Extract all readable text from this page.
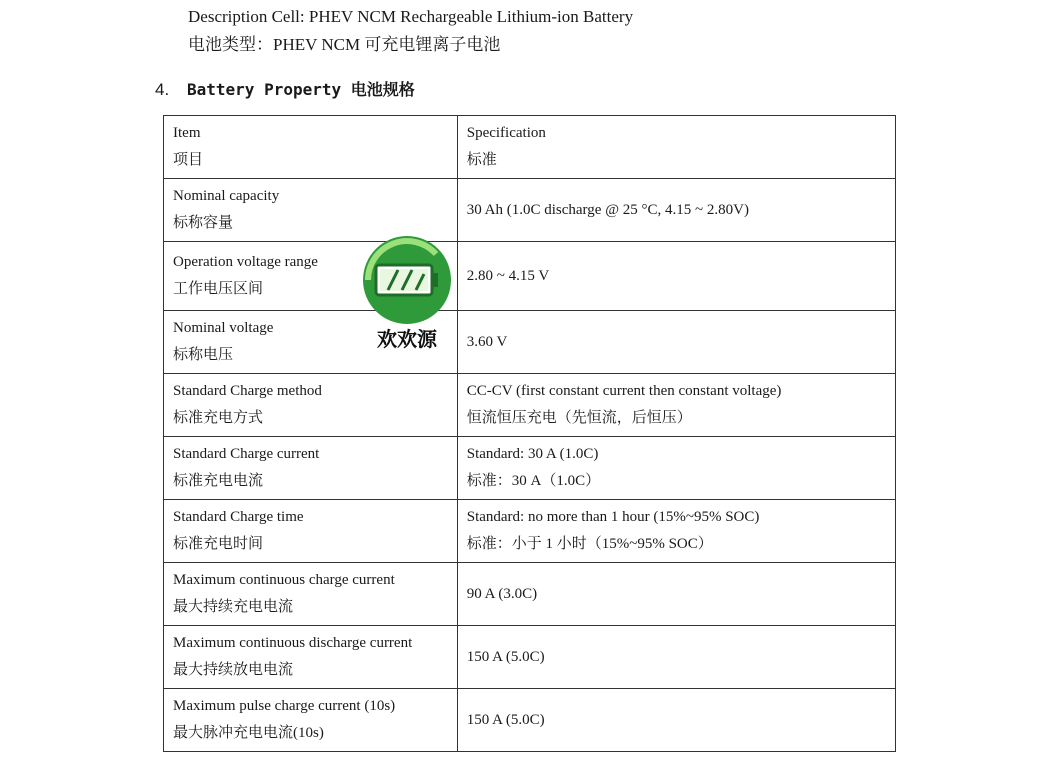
Description Cell: PHEV NCM Rechargeable Lithium-ion Battery
电池类型：PHEV NCM 可充电锂离子电池
4. Battery Property 电池规格
Item
项目	Specification
标准

Nominal capacity
标称容量	30 Ah (1.0C discharge @ 25 °C, 4.15 ~ 2.80V)

Operation voltage range
工作电压区间	2.80 ~ 4.15 V

Nominal voltage
标称电压	3.60 V

Standard Charge method
标准充电方式	CC-CV (first constant current then constant voltage)
恒流恒压充电（先恒流，后恒压）

Standard Charge current
标准充电电流	Standard: 30 A (1.0C)
标准：30 A（1.0C）

Standard Charge time
标准充电时间	Standard: no more than 1 hour (15%~95% SOC)
标准：小于 1 小时（15%~95% SOC）

Maximum continuous charge current
最大持续充电电流	90 A (3.0C)

Maximum continuous discharge current
最大持续放电电流	150 A (5.0C)

Maximum pulse charge current (10s)
最大脉冲充电电流(10s)	150 A (5.0C)
欢欢源
